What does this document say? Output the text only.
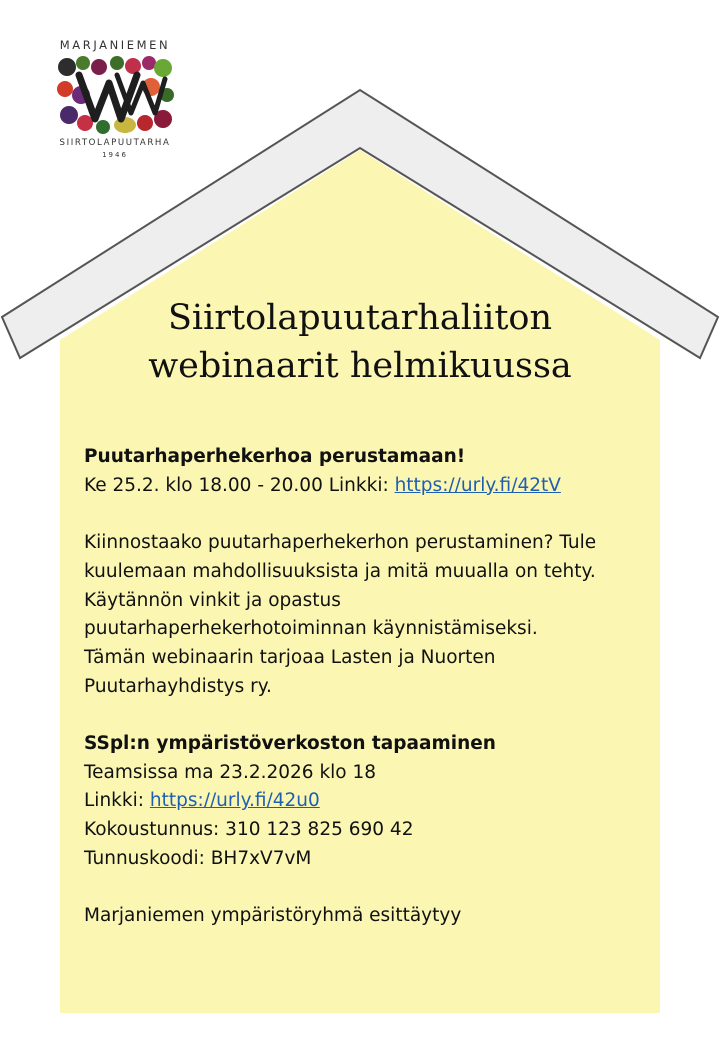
MARJANIEMEN
SIIRTOLAPUUTARHA
1946
Siirtolapuutarhaliiton
webinaarit helmikuussa

Puutarhaperhekerhoa perustamaan!

Ke 25.2. klo 18.00 - 20.00 Linkki: https://urly.fi/42tV

Kiinnostaako puutarhaperhekerhon perustaminen? Tule

kuulemaan mahdollisuuksista ja mitä muualla on tehty.

Käytännön vinkit ja opastus

puutarhaperhekerhotoiminnan käynnistämiseksi.

Tämän webinaarin tarjoaa Lasten ja Nuorten

Puutarhayhdistys ry.

SSpl:n ympäristöverkoston tapaaminen

Teamsissa ma 23.2.2026 klo 18

Linkki: https://urly.fi/42u0

Kokoustunnus: 310 123 825 690 42

Tunnuskoodi: BH7xV7vM

Marjaniemen ympäristöryhmä esittäytyy
